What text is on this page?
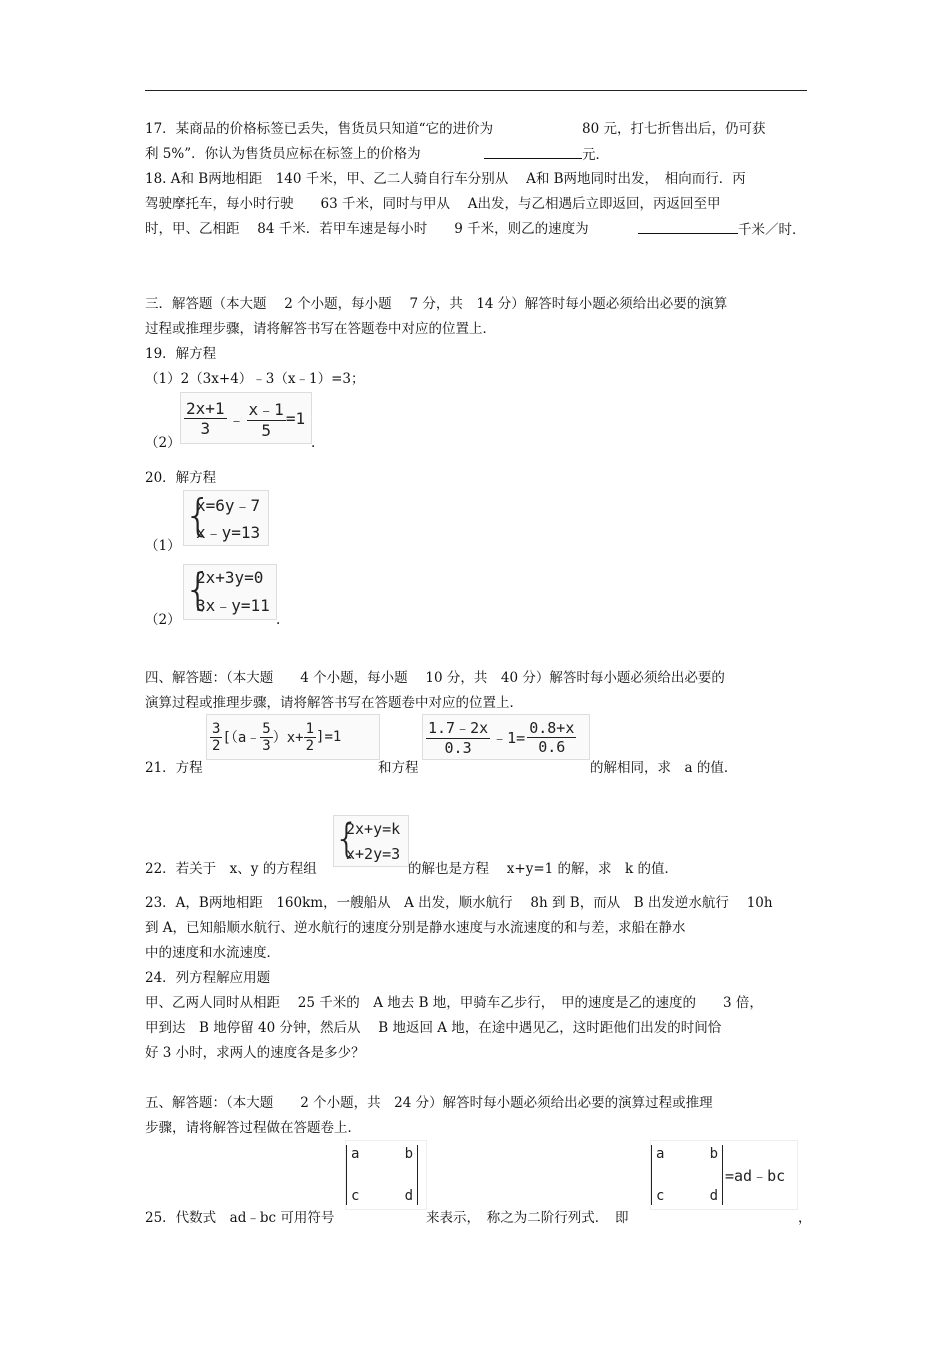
17．某商品的价格标签已丢失，售货员只知道“它的进价为	80 元，打七折售出后，仍可获
利 5%”．你认为售货员应标在标签上的价格为	元．
18. A和 B两地相距　140 千米，甲、乙二人骑自行车分别从　 A和 B两地同时出发，　相向而行．丙
驾驶摩托车，每小时行驶　　63 千米，同时与甲从　 A出发，与乙相遇后立即返回，丙返回至甲
时，甲、乙相距　 84 千米．若甲车速是每小时　　9 千米，则乙的速度为	千米／时．
三．解答题（本大题　 2 个小题，每小题　 7 分，共　14 分）解答时每小题必须给出必要的演算
过程或推理步骤，请将解答书写在答题卷中对应的位置上．
19．解方程
（1）2（3x+4）﹣3（x﹣1）=3；
$\frac{2x+1}{3}$ ﹣ $\frac{x﹣1}{5} =1$
（2）	.
20．解方程
{
x=6y﹣7
x﹣y=13
（1）
{
2x+3y=0
3x﹣y=11
（2）	.
四、解答题：（本大题　　4 个小题，每小题　 10 分，共　40 分）解答时每小题必须给出必要的
演算过程或推理步骤，请将解答书写在答题卷中对应的位置上．
$\frac{3}{2}$ [（a﹣ $\frac{5}{3} )x+ \frac{1}{2} ]=1$	$\frac{1.7﹣2x}{0.3}$ ﹣1= $\frac{0.8+x}{0.6}$
21．方程	和方程	的解相同，求　a 的值．
{
2x+y=k
x+2y=3
22．若关于　x、y 的方程组	的解也是方程　 x+y=1 的解，求　k 的值．
23．A，B两地相距　160km，一艘船从　A 出发，顺水航行　 8h 到 B，而从　B 出发逆水航行　 10h
到 A，已知船顺水航行、逆水航行的速度分别是静水速度与水流速度的和与差，求船在静水
中的速度和水流速度．
24．列方程解应用题
甲、乙两人同时从相距　 25 千米的　A 地去 B 地，甲骑车乙步行，　甲的速度是乙的速度的　　3 倍，
甲到达　B 地停留 40 分钟，然后从　 B 地返回 A 地，在途中遇见乙，这时距他们出发的时间恰
好 3 小时，求两人的速度各是多少？
五、解答题：（本大题　　2 个小题，共　24 分）解答时每小题必须给出必要的演算过程或推理
步骤，请将解答过程做在答题卷上．
a	b
c	d
a	b
c	d
=ad﹣bc
25．代数式　ad﹣bc 可用符号	来表示，　称之为二阶行列式．　即	，
